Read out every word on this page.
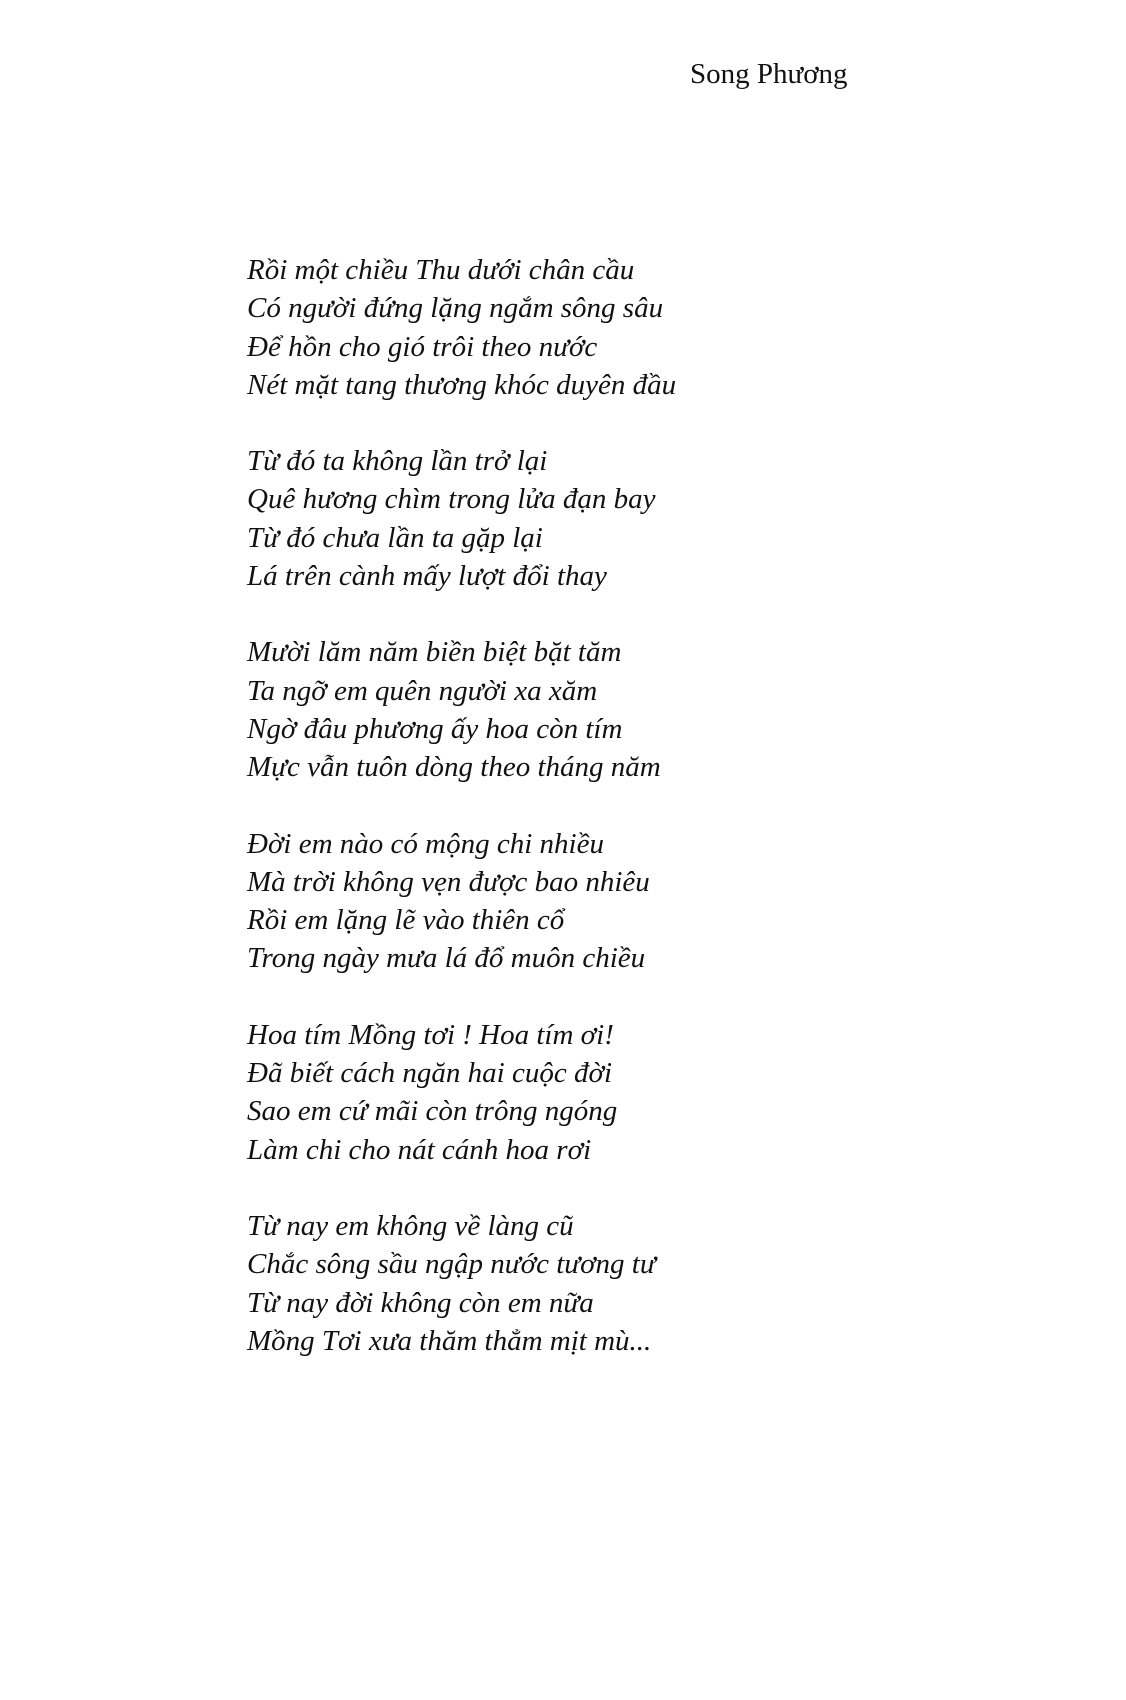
Song Phương
Rồi một chiều Thu dưới chân cầu
Có người đứng lặng ngắm sông sâu
Để hồn cho gió trôi theo nước
Nét mặt tang thương khóc duyên đầu
Từ đó ta không lần trở lại
Quê hương chìm trong lửa đạn bay
Từ đó chưa lần ta gặp lại
Lá trên cành mấy lượt đổi thay
Mười lăm năm biền biệt bặt tăm
Ta ngỡ em quên người xa xăm
Ngờ đâu phương ấy hoa còn tím
Mực vẫn tuôn dòng theo tháng năm
Đời em nào có mộng chi nhiều
Mà trời không vẹn được bao nhiêu
Rồi em lặng lẽ vào thiên cổ
Trong ngày mưa lá đổ muôn chiều
Hoa tím Mồng tơi ! Hoa tím ơi!
Đã biết cách ngăn hai cuộc đời
Sao em cứ mãi còn trông ngóng
Làm chi cho nát cánh hoa rơi
Từ nay em không về làng cũ
Chắc sông sầu ngập nước tương tư
Từ nay đời không còn em nữa
Mồng Tơi xưa thăm thẳm mịt mù...
